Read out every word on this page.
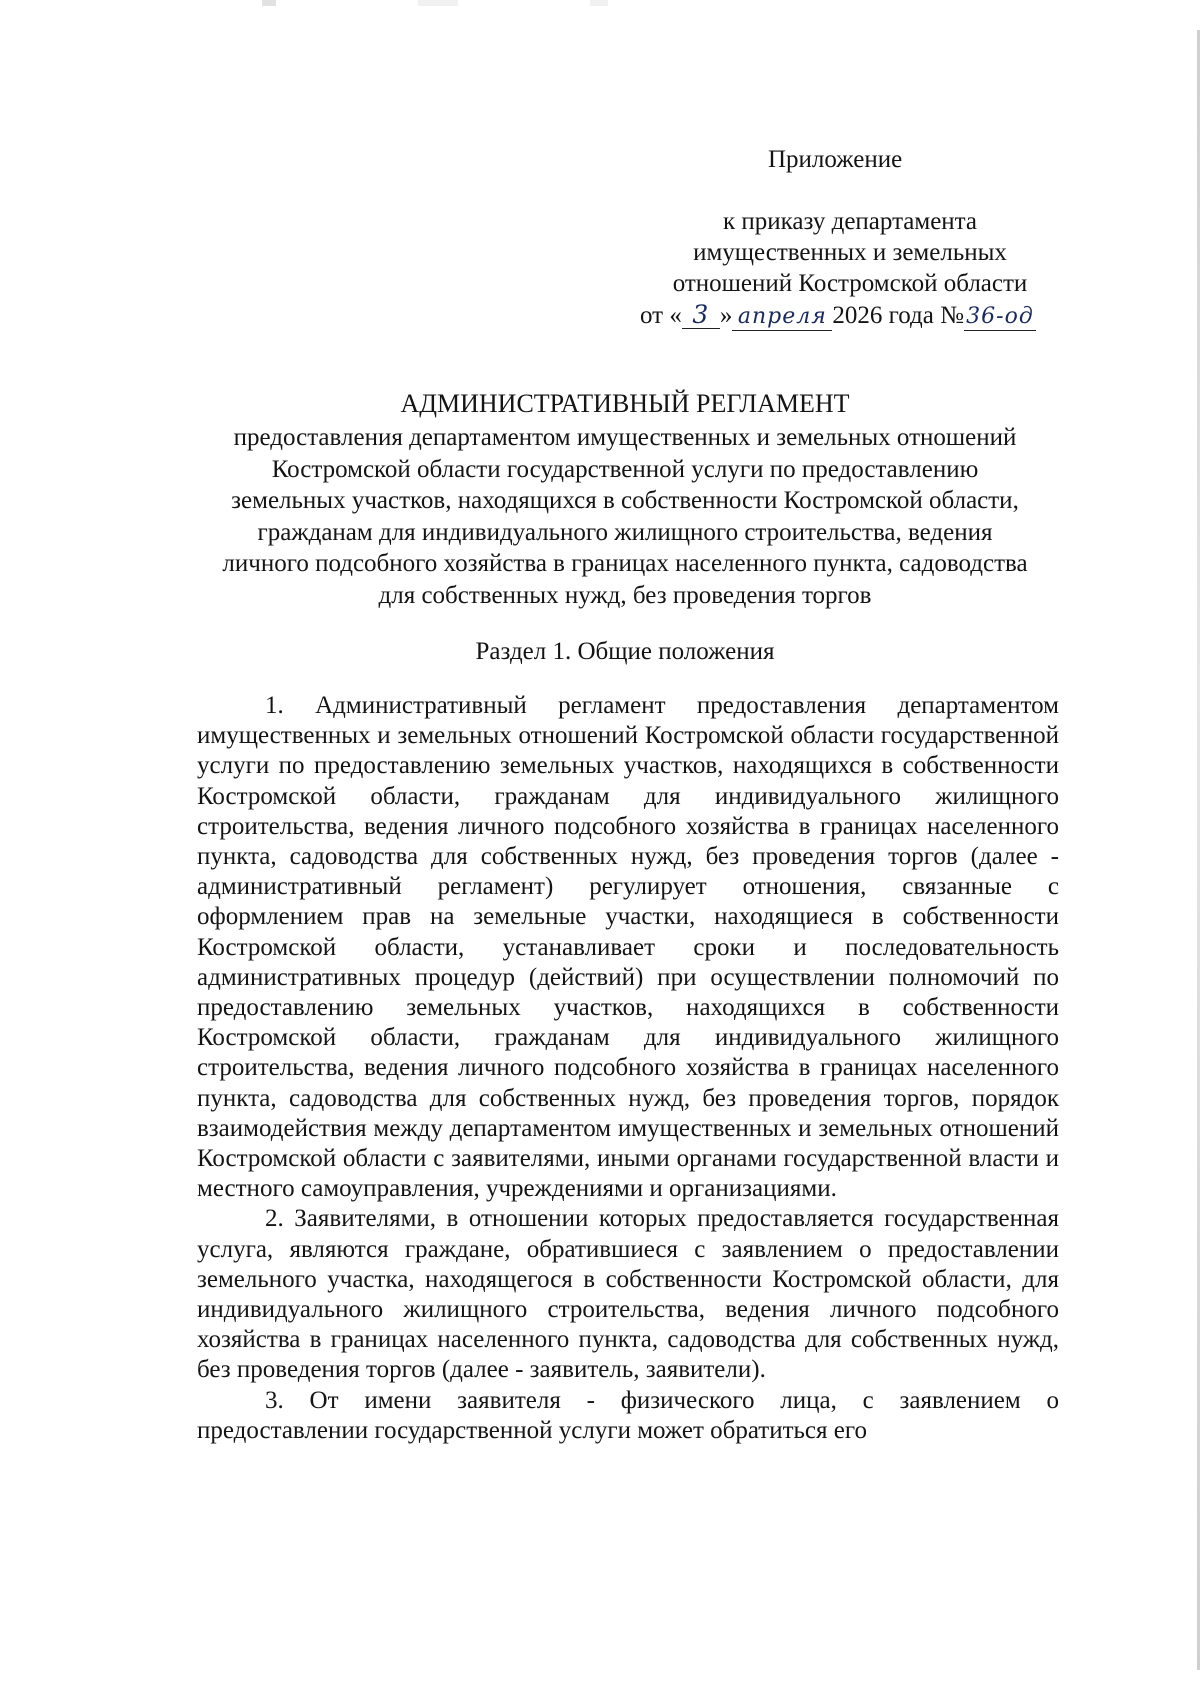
Приложение
к приказу департамента
имущественных и земельных
отношений Костромской области
от « 3 » апреля 2026 года №36-од
АДМИНИСТРАТИВНЫЙ РЕГЛАМЕНТ
предоставления департаментом имущественных и земельных отношений
Костромской области государственной услуги по предоставлению
земельных участков, находящихся в собственности Костромской области,
гражданам для индивидуального жилищного строительства, ведения
личного подсобного хозяйства в границах населенного пункта, садоводства
для собственных нужд, без проведения торгов
Раздел 1. Общие положения

1. Административный регламент предоставления департаментом имущественных и земельных отношений Костромской области государственной услуги по предоставлению земельных участков, находящихся в собственности Костромской области, гражданам для индивидуального жилищного строительства, ведения личного подсобного хозяйства в границах населенного пункта, садоводства для собственных нужд, без проведения торгов (далее - административный регламент) регулирует отношения, связанные с оформлением прав на земельные участки, находящиеся в собственности Костромской области, устанавливает сроки и последовательность административных процедур (действий) при осуществлении полномочий по предоставлению земельных участков, находящихся в собственности Костромской области, гражданам для индивидуального жилищного строительства, ведения личного подсобного хозяйства в границах населенного пункта, садоводства для собственных нужд, без проведения торгов, порядок взаимодействия между департаментом имущественных и земельных отношений Костромской области с заявителями, иными органами государственной власти и местного самоуправления, учреждениями и организациями.

2. Заявителями, в отношении которых предоставляется государственная услуга, являются граждане, обратившиеся с заявлением о предоставлении земельного участка, находящегося в собственности Костромской области, для индивидуального жилищного строительства, ведения личного подсобного хозяйства в границах населенного пункта, садоводства для собственных нужд, без проведения торгов (далее - заявитель, заявители).

3. От имени заявителя - физического лица, с заявлением о предоставлении государственной услуги может обратиться его
